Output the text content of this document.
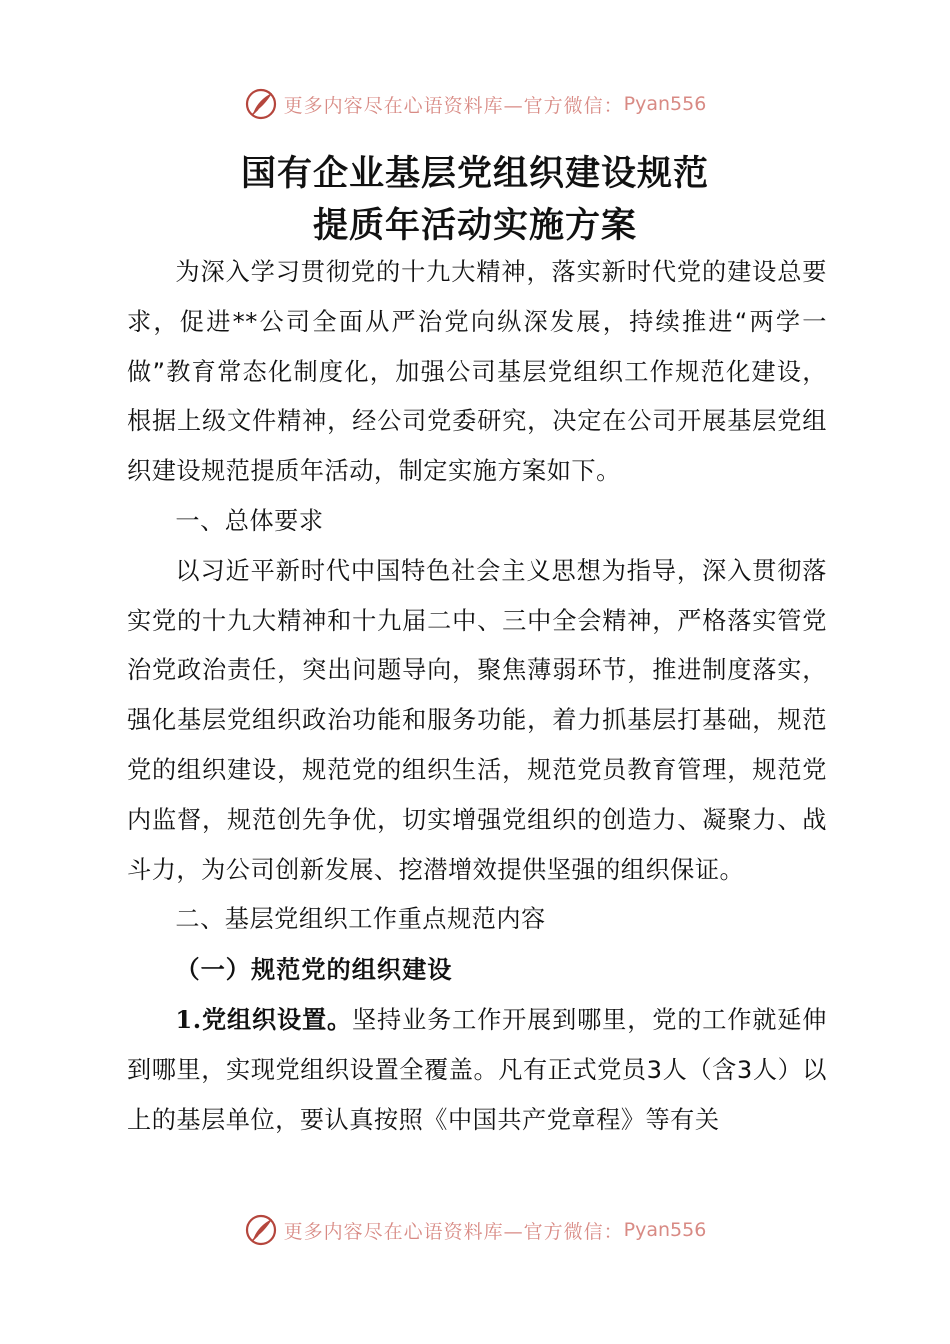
更多内容尽在心语资料库—官方微信： Pyan556
国有企业基层党组织建设规范
提质年活动实施方案

为深入学习贯彻党的十九大精神，落实新时代党的建设总要求，促进**公司全面从严治党向纵深发展，持续推进“两学一做”教育常态化制度化，加强公司基层党组织工作规范化建设，根据上级文件精神，经公司党委研究，决定在公司开展基层党组织建设规范提质年活动，制定实施方案如下。

一、总体要求

以习近平新时代中国特色社会主义思想为指导，深入贯彻落实党的十九大精神和十九届二中、三中全会精神，严格落实管党治党政治责任，突出问题导向，聚焦薄弱环节，推进制度落实，强化基层党组织政治功能和服务功能，着力抓基层打基础，规范党的组织建设，规范党的组织生活，规范党员教育管理，规范党内监督，规范创先争优，切实增强党组织的创造力、凝聚力、战斗力，为公司创新发展、挖潜增效提供坚强的组织保证。

二、基层党组织工作重点规范内容

（一）规范党的组织建设

1.党组织设置。坚持业务工作开展到哪里，党的工作就延伸到哪里，实现党组织设置全覆盖。凡有正式党员3人（含3人）以上的基层单位，要认真按照《中国共产党章程》等有关

更多内容尽在心语资料库—官方微信： Pyan556
